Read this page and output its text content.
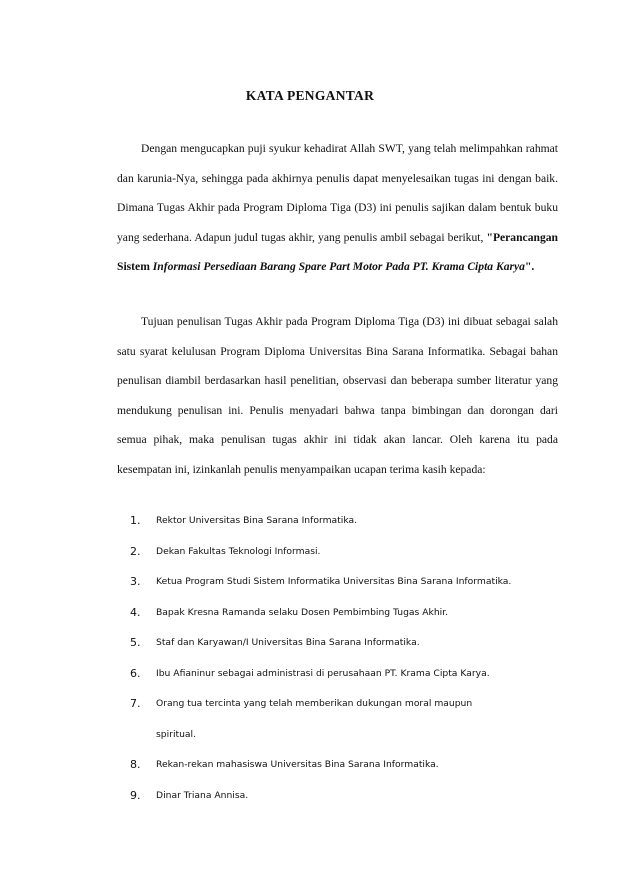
KATA PENGANTAR

Dengan mengucapkan puji syukur kehadirat Allah SWT, yang telah melimpahkan rahmat dan karunia-Nya, sehingga pada akhirnya penulis dapat menyelesaikan tugas ini dengan baik. Dimana Tugas Akhir pada Program Diploma Tiga (D3) ini penulis sajikan dalam bentuk buku yang sederhana. Adapun judul tugas akhir, yang penulis ambil sebagai berikut, "Perancangan Sistem Informasi Persediaan Barang Spare Part Motor Pada PT. Krama Cipta Karya".

Tujuan penulisan Tugas Akhir pada Program Diploma Tiga (D3) ini dibuat sebagai salah satu syarat kelulusan Program Diploma Universitas Bina Sarana Informatika. Sebagai bahan penulisan diambil berdasarkan hasil penelitian, observasi dan beberapa sumber literatur yang mendukung penulisan ini. Penulis menyadari bahwa tanpa bimbingan dan dorongan dari semua pihak, maka penulisan tugas akhir ini tidak akan lancar. Oleh karena itu pada kesempatan ini, izinkanlah penulis menyampaikan ucapan terima kasih kepada:

1. Rektor Universitas Bina Sarana Informatika.
2. Dekan Fakultas Teknologi Informasi.
3. Ketua Program Studi Sistem Informatika Universitas Bina Sarana Informatika.
4. Bapak Kresna Ramanda selaku Dosen Pembimbing Tugas Akhir.
5. Staf dan Karyawan/I Universitas Bina Sarana Informatika.
6. Ibu Afianinur sebagai administrasi di perusahaan PT. Krama Cipta Karya.
7. Orang tua tercinta yang telah memberikan dukungan moral maupun spiritual.
8. Rekan-rekan mahasiswa Universitas Bina Sarana Informatika.
9. Dinar Triana Annisa.
